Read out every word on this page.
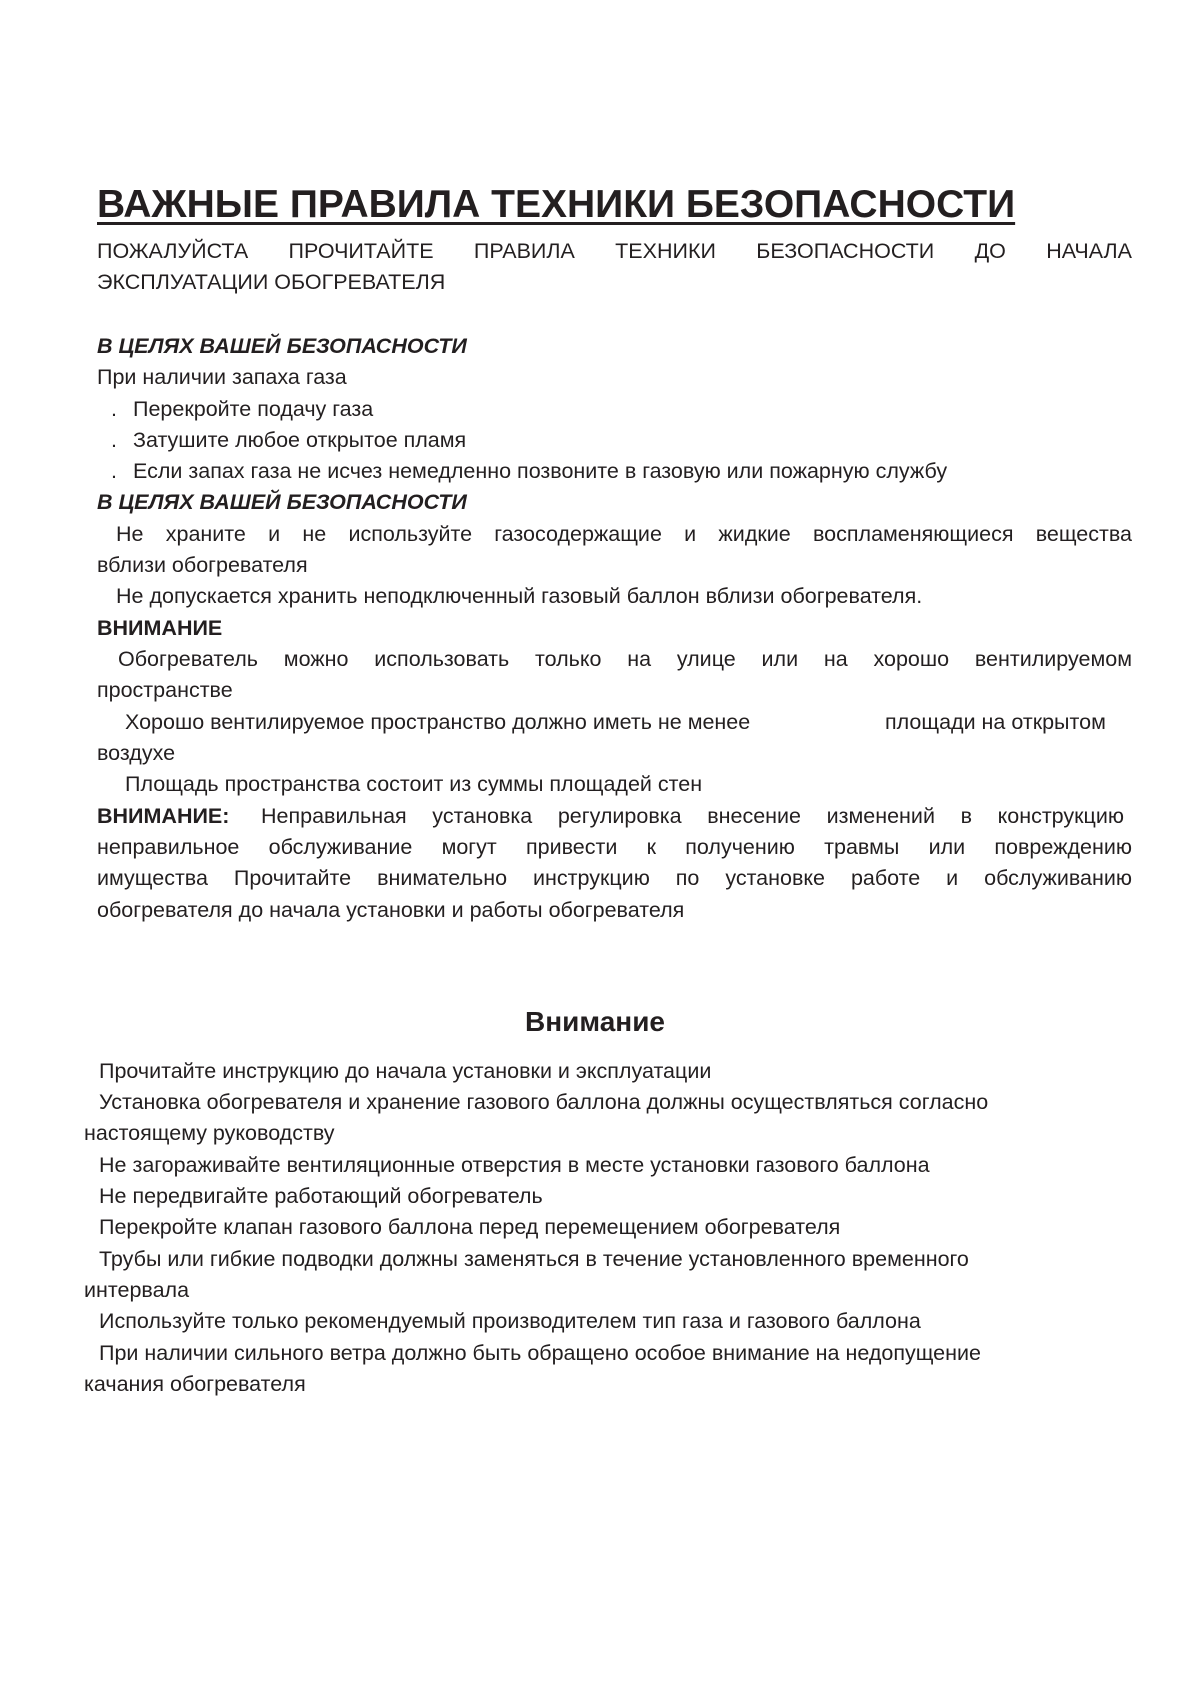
ВАЖНЫЕ ПРАВИЛА ТЕХНИКИ БЕЗОПАСНОСТИ
ПОЖАЛУЙСТА ПРОЧИТАЙТЕ ПРАВИЛА ТЕХНИКИ БЕЗОПАСНОСТИ ДО НАЧАЛА
ЭКСПЛУАТАЦИИ ОБОГРЕВАТЕЛЯ
В ЦЕЛЯХ ВАШЕЙ БЕЗОПАСНОСТИ
При наличии запаха газа
. Перекройте подачу газа
. Затушите любое открытое пламя
. Если запах газа не исчез немедленно позвоните в газовую или пожарную службу
В ЦЕЛЯХ ВАШЕЙ БЕЗОПАСНОСТИ
Не храните и не используйте газосодержащие и жидкие воспламеняющиеся вещества
вблизи обогревателя
Не допускается хранить неподключенный газовый баллон вблизи обогревателя.
ВНИМАНИЕ
Обогреватель можно использовать только на улице или на хорошо вентилируемом
пространстве
Хорошо вентилируемое пространство должно иметь не менее	площади на открытом
воздухе
Площадь пространства состоит из суммы площадей стен
ВНИМАНИЕ: Неправильная установка регулировка внесение изменений в конструкцию
неправильное обслуживание могут привести к получению травмы или повреждению
имущества Прочитайте внимательно инструкцию по установке работе и обслуживанию
обогревателя до начала установки и работы обогревателя
Внимание
Прочитайте инструкцию до начала установки и эксплуатации
Установка обогревателя и хранение газового баллона должны осуществляться согласно
настоящему руководству
Не загораживайте вентиляционные отверстия в месте установки газового баллона
Не передвигайте работающий обогреватель
Перекройте клапан газового баллона перед перемещением обогревателя
Трубы или гибкие подводки должны заменяться в течение установленного временного
интервала
Используйте только рекомендуемый производителем тип газа и газового баллона
При наличии сильного ветра должно быть обращено особое внимание на недопущение
качания обогревателя
